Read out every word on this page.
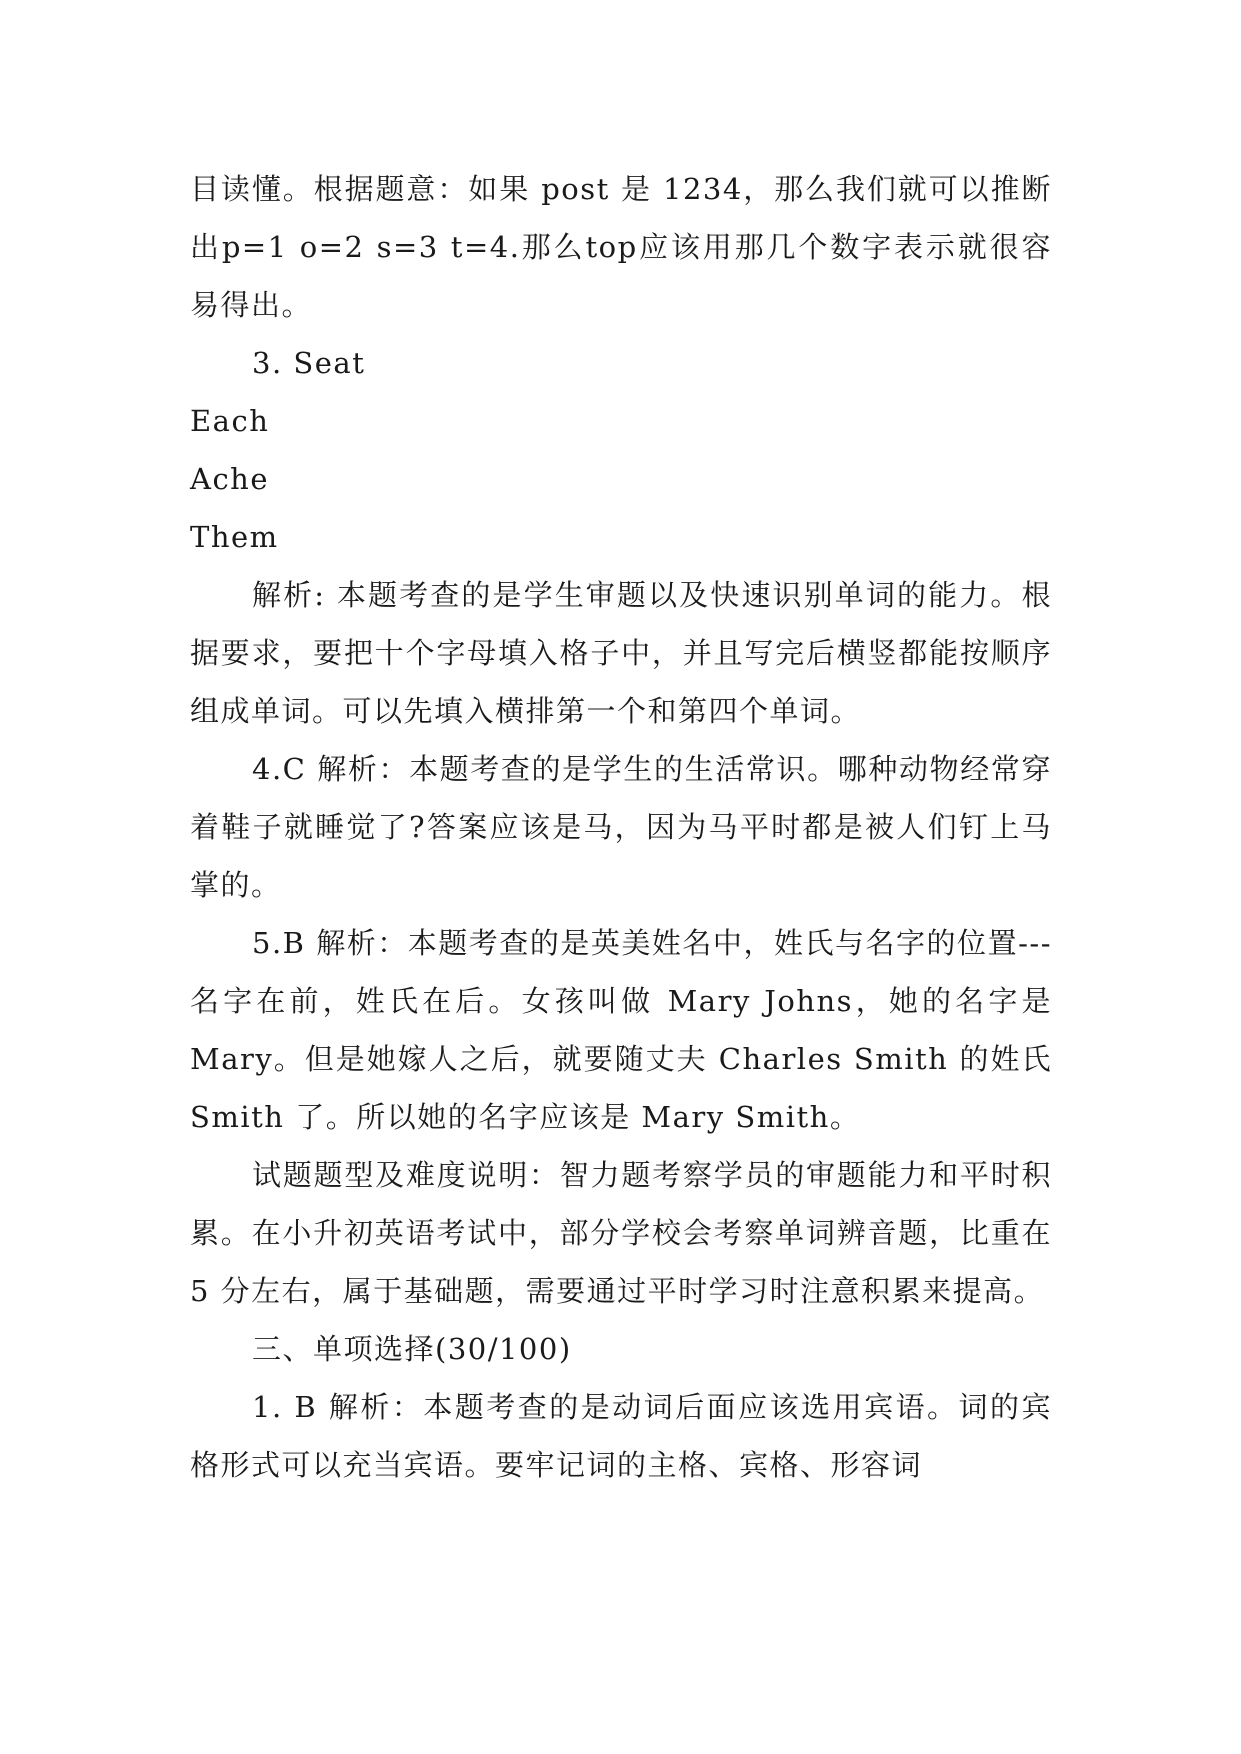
目读懂。根据题意：如果 post 是 1234，那么我们就可以推断出p=1 o=2 s=3 t=4.那么top应该用那几个数字表示就很容易得出。

3. Seat

Each

Ache

Them

解析: 本题考查的是学生审题以及快速识别单词的能力。根据要求，要把十个字母填入格子中，并且写完后横竖都能按顺序组成单词。可以先填入横排第一个和第四个单词。

4.C 解析：本题考查的是学生的生活常识。哪种动物经常穿着鞋子就睡觉了?答案应该是马，因为马平时都是被人们钉上马掌的。

5.B 解析：本题考查的是英美姓名中，姓氏与名字的位置---名字在前，姓氏在后。女孩叫做 Mary Johns，她的名字是 Mary。但是她嫁人之后，就要随丈夫 Charles Smith 的姓氏 Smith 了。所以她的名字应该是 Mary Smith。

试题题型及难度说明：智力题考察学员的审题能力和平时积累。在小升初英语考试中，部分学校会考察单词辨音题，比重在 5 分左右，属于基础题，需要通过平时学习时注意积累来提高。

三、单项选择(30/100)

1. B 解析：本题考查的是动词后面应该选用宾语。词的宾格形式可以充当宾语。要牢记词的主格、宾格、形容词
